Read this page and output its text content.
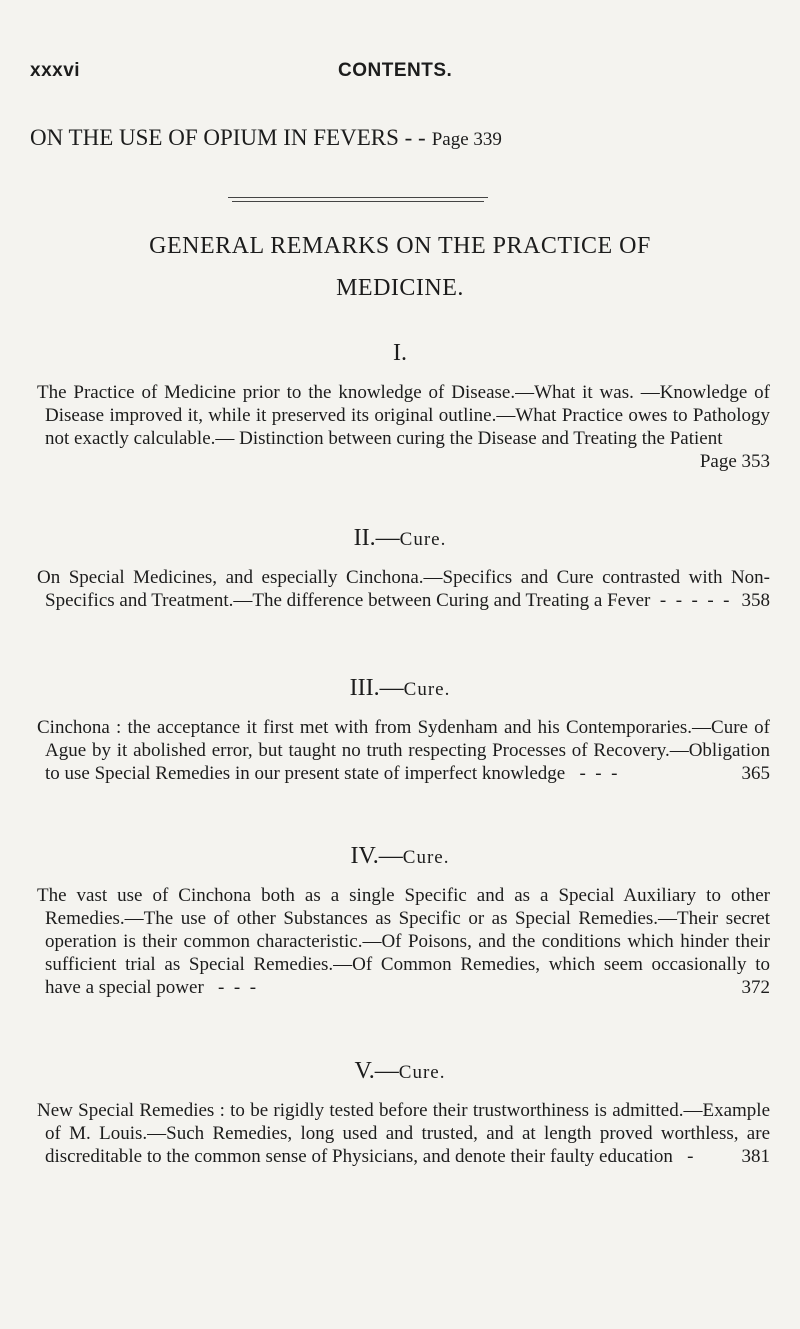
xxxvi	CONTENTS.
ON THE USE OF OPIUM IN FEVERS - - Page 339
GENERAL REMARKS ON THE PRACTICE OF
MEDICINE.
I.
The Practice of Medicine prior to the knowledge of Disease.—What it was. —Knowledge of Disease improved it, while it preserved its original outline.—What Practice owes to Pathology not exactly calculable.— Distinction between curing the Disease and Treating the Patient
Page 353
II.—Cure.
On Special Medicines, and especially Cinchona.—Specifics and Cure contrasted with Non-Specifics and Treatment.—The difference between Curing and Treating a Fever  -  -  -  -  - 358
III.—Cure.
Cinchona : the acceptance it first met with from Sydenham and his Contemporaries.—Cure of Ague by it abolished error, but taught no truth respecting Processes of Recovery.—Obligation to use Special Remedies in our present state of imperfect knowledge   -  -  -	365
IV.—Cure.
The vast use of Cinchona both as a single Specific and as a Special Auxiliary to other Remedies.—The use of other Substances as Specific or as Special Remedies.—Their secret operation is their common characteristic.—Of Poisons, and the conditions which hinder their sufficient trial as Special Remedies.—Of Common Remedies, which seem occasionally to have a special power   -  -  -	372
V.—Cure.
New Special Remedies : to be rigidly tested before their trustworthiness is admitted.—Example of M. Louis.—Such Remedies, long used and trusted, and at length proved worthless, are discreditable to the common sense of Physicians, and denote their faulty education   -	381
